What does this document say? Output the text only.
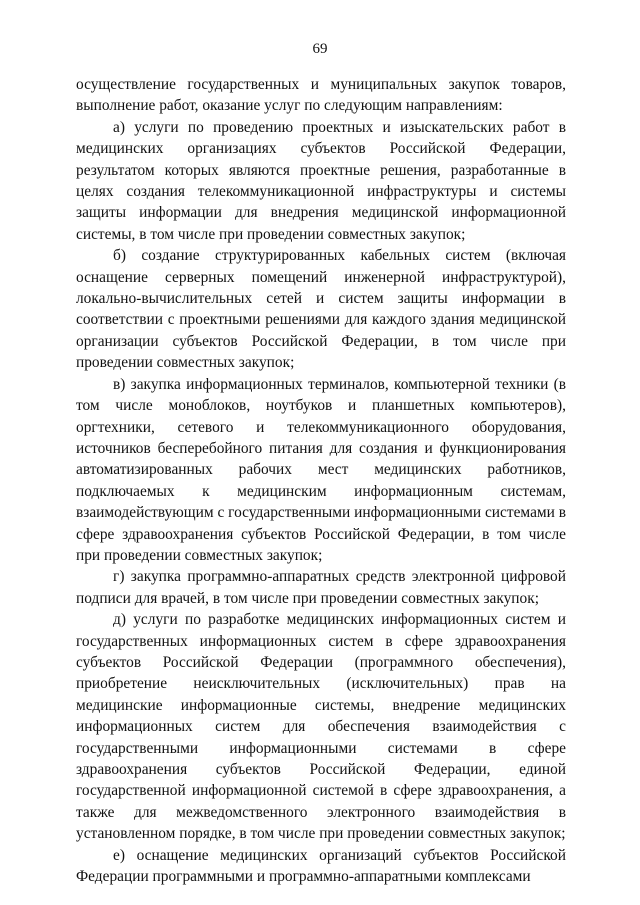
69

осуществление государственных и муниципальных закупок товаров, выполнение работ, оказание услуг по следующим направлениям:

а) услуги по проведению проектных и изыскательских работ в медицинских организациях субъектов Российской Федерации, результатом которых являются проектные решения, разработанные в целях создания телекоммуникационной инфраструктуры и системы защиты информации для внедрения медицинской информационной системы, в том числе при проведении совместных закупок;

б) создание структурированных кабельных систем (включая оснащение серверных помещений инженерной инфраструктурой), локально-вычислительных сетей и систем защиты информации в соответствии с проектными решениями для каждого здания медицинской организации субъектов Российской Федерации, в том числе при проведении совместных закупок;

в) закупка информационных терминалов, компьютерной техники (в том числе моноблоков, ноутбуков и планшетных компьютеров), оргтехники, сетевого и телекоммуникационного оборудования, источников бесперебойного питания для создания и функционирования автоматизированных рабочих мест медицинских работников, подключаемых к медицинским информационным системам, взаимодействующим с государственными информационными системами в сфере здравоохранения субъектов Российской Федерации, в том числе при проведении совместных закупок;

г) закупка программно-аппаратных средств электронной цифровой подписи для врачей, в том числе при проведении совместных закупок;

д) услуги по разработке медицинских информационных систем и государственных информационных систем в сфере здравоохранения субъектов Российской Федерации (программного обеспечения), приобретение неисключительных (исключительных) прав на медицинские информационные системы, внедрение медицинских информационных систем для обеспечения взаимодействия с государственными информационными системами в сфере здравоохранения субъектов Российской Федерации, единой государственной информационной системой в сфере здравоохранения, а также для межведомственного электронного взаимодействия в установленном порядке, в том числе при проведении совместных закупок;

е) оснащение медицинских организаций субъектов Российской Федерации программными и программно-аппаратными комплексами
